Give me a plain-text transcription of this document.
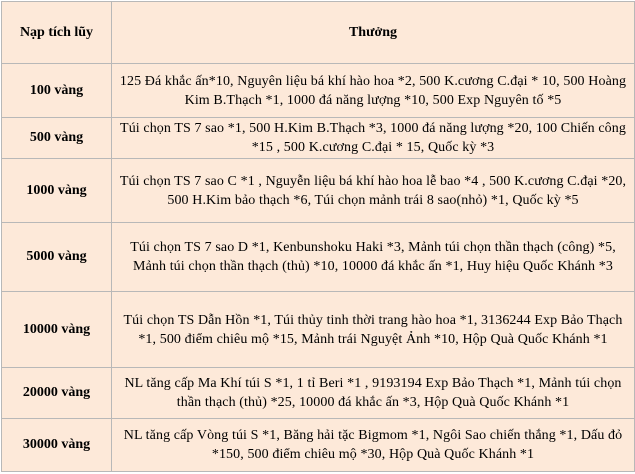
Nạp tích lũy	Thưởng
100 vàng	125 Đá khắc ấn*10, Nguyên liệu bá khí hào hoa *2, 500 K.cương C.đại * 10, 500 Hoàng Kim B.Thạch *1, 1000 đá năng lượng *10, 500 Exp Nguyên tố *5
500 vàng	Túi chọn TS 7 sao *1, 500 H.Kim B.Thạch *3, 1000 đá năng lượng *20, 100 Chiến công *15 , 500 K.cương C.đại * 15, Quốc kỳ *3
1000 vàng	Túi chọn TS 7 sao C *1 , Nguyễn liệu bá khí hào hoa lễ bao *4 , 500 K.cương C.đại *20, 500 H.Kim bảo thạch *6, Túi chọn mảnh trái 8 sao(nhỏ) *1, Quốc kỳ *5
5000 vàng	Túi chọn TS 7 sao D *1, Kenbunshoku Haki *3, Mảnh túi chọn thần thạch (công) *5, Mảnh túi chọn thần thạch (thủ) *10, 10000 đá khắc ấn *1, Huy hiệu Quốc Khánh *3
10000 vàng	Túi chọn TS Dẫn Hồn *1, Túi thủy tinh thời trang hào hoa *1, 3136244 Exp Bảo Thạch *1, 500 điểm chiêu mộ *15, Mảnh trái Nguyệt Ảnh *10, Hộp Quà Quốc Khánh *1
20000 vàng	NL tăng cấp Ma Khí túi S *1, 1 tỉ Beri *1 , 9193194 Exp Bảo Thạch *1, Mảnh túi chọn thần thạch (thủ) *25, 10000 đá khắc ấn *3, Hộp Quà Quốc Khánh *1
30000 vàng	NL tăng cấp Vòng túi S *1, Băng hải tặc Bigmom *1, Ngôi Sao chiến thắng *1, Dấu đỏ *150, 500 điểm chiêu mộ *30, Hộp Quà Quốc Khánh *1
